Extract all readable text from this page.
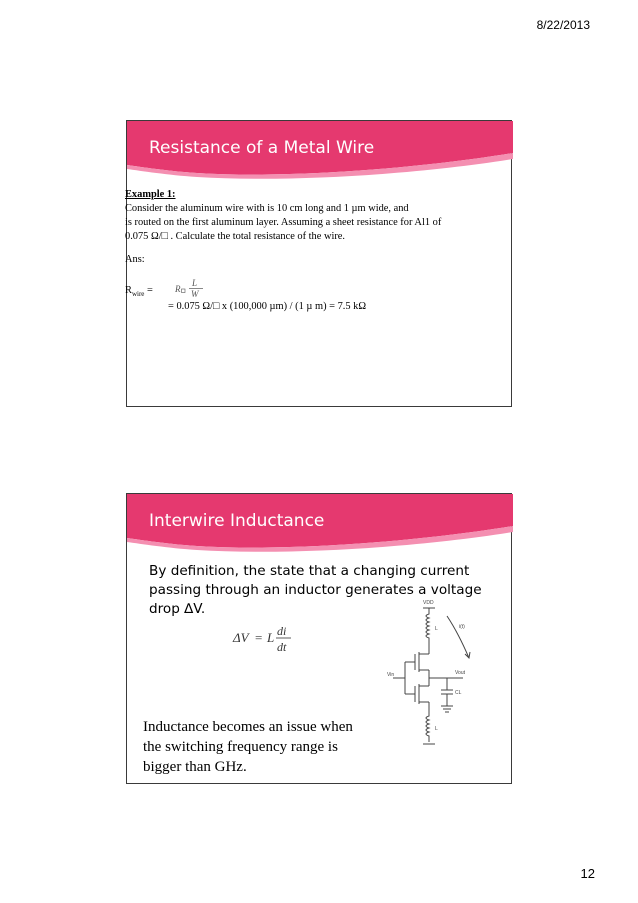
8/22/2013
Resistance of a Metal Wire
Example 1:
Consider the aluminum wire with is 10 cm long and 1 µm wide, and
is routed on the first aluminum layer. Assuming a sheet resistance for Al1 of
0.075 Ω/□ . Calculate the total resistance of the wire.
Ans:
$R_{wire} = R$
L
W
= 0.075 Ω/□ x (100,000 µm) / (1 µ m) = 7.5 kΩ
Interwire Inductance
By definition, the state that a changing current
passing through an inductor generates a voltage
drop ∆V.
ΔV = L di
dt
VDD
L
Vin	Vout
CL
L
i(t)
Inductance becomes an issue when
the switching frequency range is
bigger than GHz.
12
